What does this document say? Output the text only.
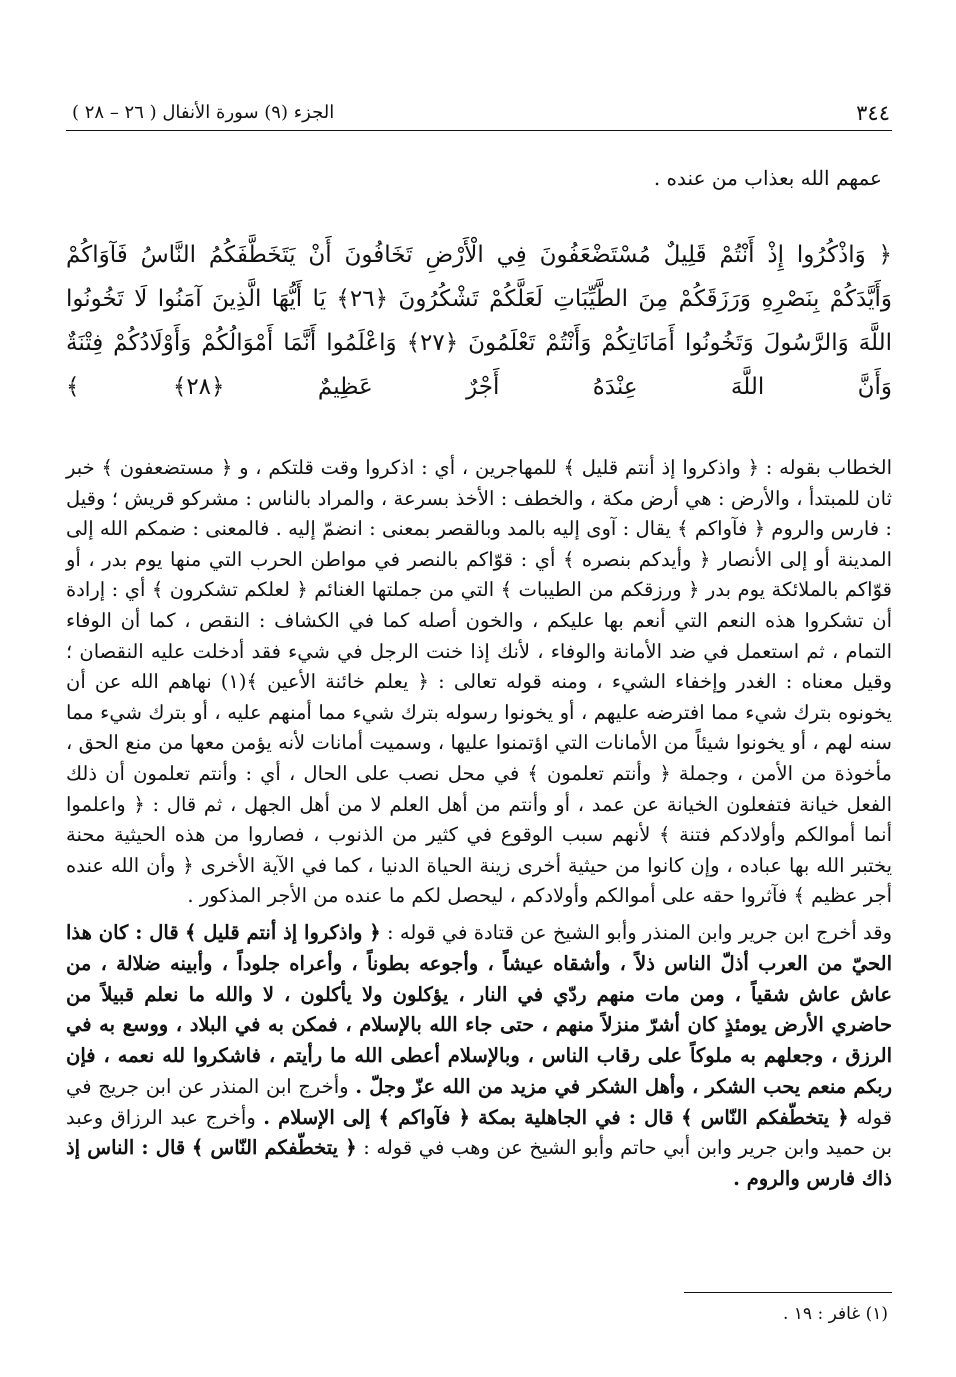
٣٤٤
الجزء (٩) سورة الأنفال ( ٢٦ – ٢٨ )

عمهم الله بعذاب من عنده .

﴿ وَاذْكُرُوا إِذْ أَنْتُمْ قَلِيلٌ مُسْتَضْعَفُونَ فِي الْأَرْضِ تَخَافُونَ أَنْ يَتَخَطَّفَكُمُ النَّاسُ فَآوَاكُمْ وَأَيَّدَكُمْ بِنَصْرِهِ وَرَزَقَكُمْ مِنَ الطَّيِّبَاتِ لَعَلَّكُمْ تَشْكُرُونَ ﴿٢٦﴾ يَا أَيُّهَا الَّذِينَ آمَنُوا لَا تَخُونُوا اللَّهَ وَالرَّسُولَ وَتَخُونُوا أَمَانَاتِكُمْ وَأَنْتُمْ تَعْلَمُونَ ﴿٢٧﴾ وَاعْلَمُوا أَنَّمَا أَمْوَالُكُمْ وَأَوْلَادُكُمْ فِتْنَةٌ وَأَنَّ اللَّهَ عِنْدَهُ أَجْرٌ عَظِيمٌ ﴿٢٨﴾ ﴾

الخطاب بقوله : ﴿ واذكروا إذ أنتم قليل ﴾ للمهاجرين ، أي : اذكروا وقت قلتكم ، و ﴿ مستضعفون ﴾ خبر ثان للمبتدأ ، والأرض : هي أرض مكة ، والخطف : الأخذ بسرعة ، والمراد بالناس : مشركو قريش ؛ وقيل : فارس والروم ﴿ فآواكم ﴾ يقال : آوى إليه بالمد وبالقصر بمعنى : انضمّ إليه . فالمعنى : ضمكم الله إلى المدينة أو إلى الأنصار ﴿ وأيدكم بنصره ﴾ أي : قوّاكم بالنصر في مواطن الحرب التي منها يوم بدر ، أو قوّاكم بالملائكة يوم بدر ﴿ ورزقكم من الطيبات ﴾ التي من جملتها الغنائم ﴿ لعلكم تشكرون ﴾ أي : إرادة أن تشكروا هذه النعم التي أنعم بها عليكم ، والخون أصله كما في الكشاف : النقص ، كما أن الوفاء التمام ، ثم استعمل في ضد الأمانة والوفاء ، لأنك إذا خنت الرجل في شيء فقد أدخلت عليه النقصان ؛ وقيل معناه : الغدر وإخفاء الشيء ، ومنه قوله تعالى : ﴿ يعلم خائنة الأعين ﴾(١) نهاهم الله عن أن يخونوه بترك شيء مما افترضه عليهم ، أو يخونوا رسوله بترك شيء مما أمنهم عليه ، أو بترك شيء مما سنه لهم ، أو يخونوا شيئاً من الأمانات التي اؤتمنوا عليها ، وسميت أمانات لأنه يؤمن معها من منع الحق ، مأخوذة من الأمن ، وجملة ﴿ وأنتم تعلمون ﴾ في محل نصب على الحال ، أي : وأنتم تعلمون أن ذلك الفعل خيانة فتفعلون الخيانة عن عمد ، أو وأنتم من أهل العلم لا من أهل الجهل ، ثم قال : ﴿ واعلموا أنما أموالكم وأولادكم فتنة ﴾ لأنهم سبب الوقوع في كثير من الذنوب ، فصاروا من هذه الحيثية محنة يختبر الله بها عباده ، وإن كانوا من حيثية أخرى زينة الحياة الدنيا ، كما في الآية الأخرى ﴿ وأن الله عنده أجر عظيم ﴾ فآثروا حقه على أموالكم وأولادكم ، ليحصل لكم ما عنده من الأجر المذكور .

وقد أخرج ابن جرير وابن المنذر وأبو الشيخ عن قتادة في قوله : ﴿ واذكروا إذ أنتم قليل ﴾ قال : كان هذا الحيّ من العرب أذلّ الناس ذلاً ، وأشقاه عيشاً ، وأجوعه بطوناً ، وأعراه جلوداً ، وأبينه ضلالة ، من عاش عاش شقياً ، ومن مات منهم ردّي في النار ، يؤكلون ولا يأكلون ، لا والله ما نعلم قبيلاً من حاضري الأرض يومئذٍ كان أشرّ منزلاً منهم ، حتى جاء الله بالإسلام ، فمكن به في البلاد ، ووسع به في الرزق ، وجعلهم به ملوكاً على رقاب الناس ، وبالإسلام أعطى الله ما رأيتم ، فاشكروا لله نعمه ، فإن ربكم منعم يحب الشكر ، وأهل الشكر في مزيد من الله عزّ وجلّ . وأخرج ابن المنذر عن ابن جريج في قوله ﴿ يتخطّفكم النّاس ﴾ قال : في الجاهلية بمكة ﴿ فآواكم ﴾ إلى الإسلام . وأخرج عبد الرزاق وعبد بن حميد وابن جرير وابن أبي حاتم وأبو الشيخ عن وهب في قوله : ﴿ يتخطّفكم النّاس ﴾ قال : الناس إذ ذاك فارس والروم .

(١) غافر : ١٩ .
